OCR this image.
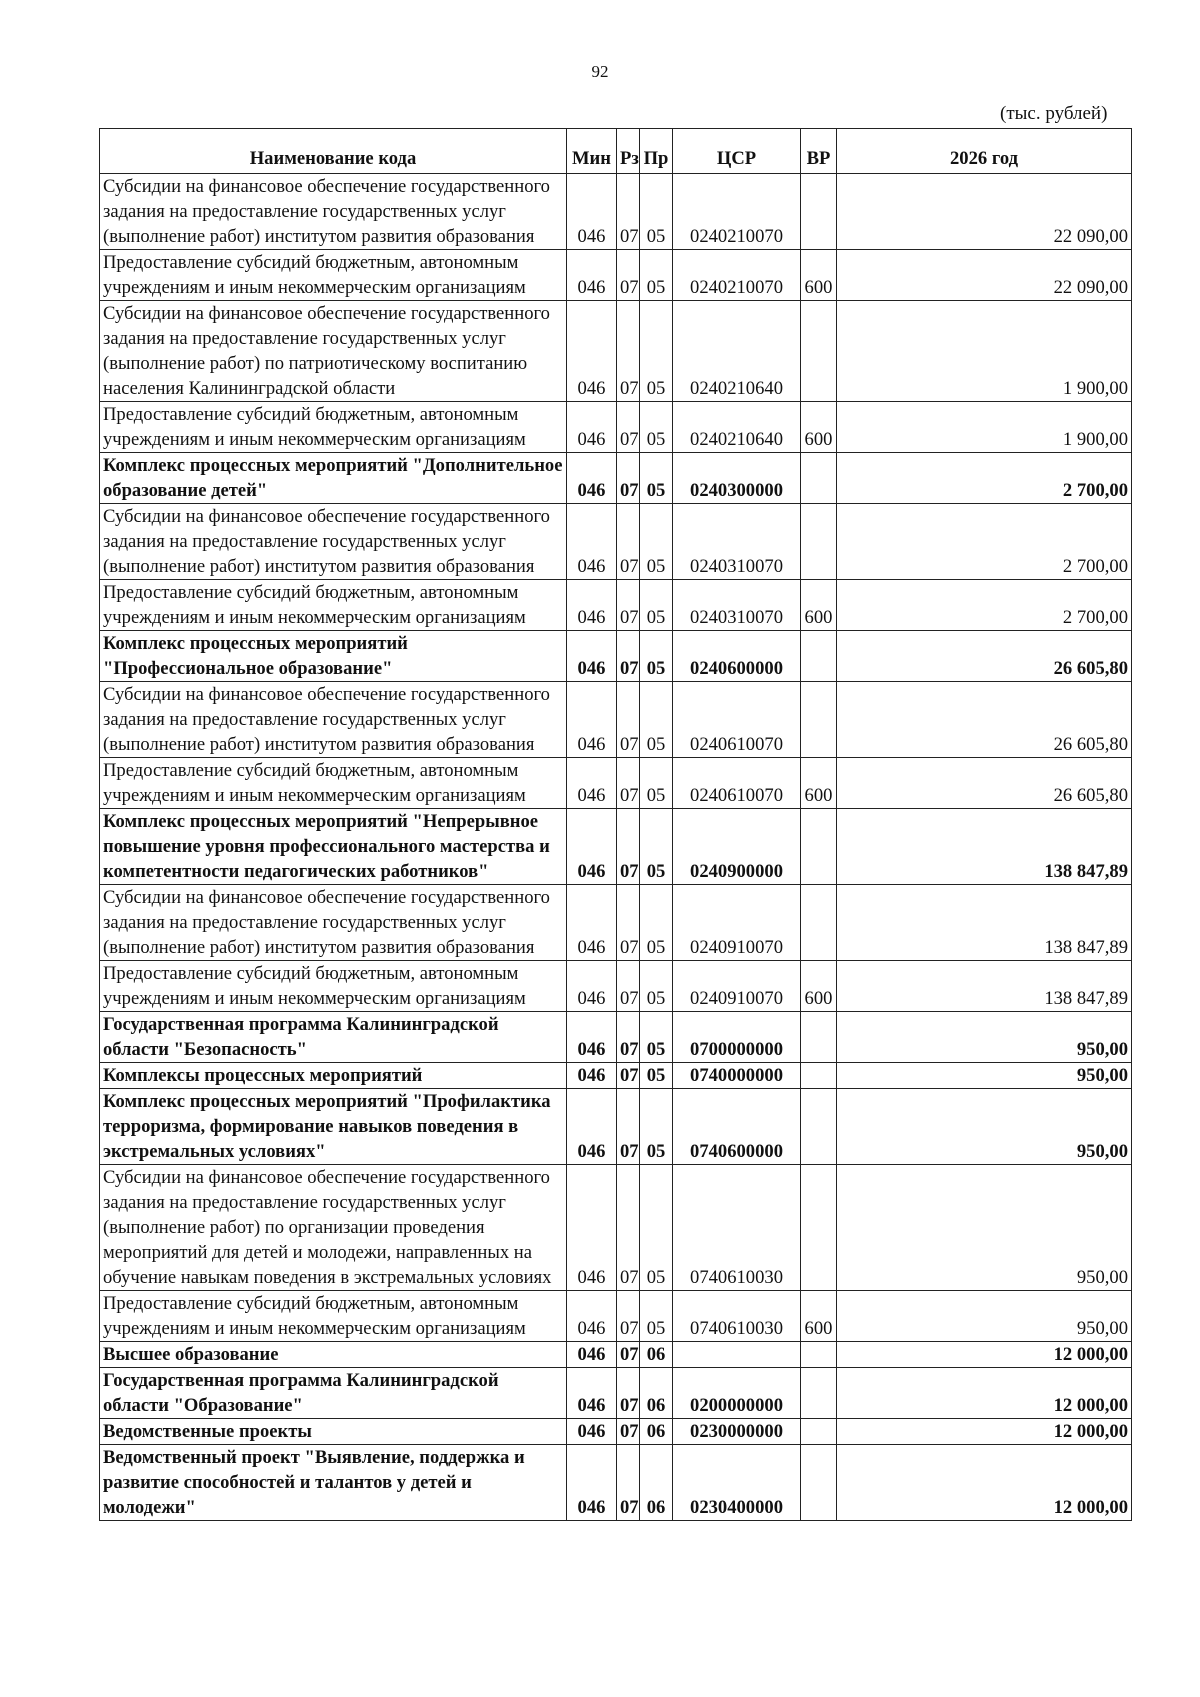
92
(тыс. рублей)
Наименование кода	Мин	Рз	Пр	ЦСР	ВР	2026 год
Субсидии на финансовое обеспечение государственного задания на предоставление государственных услуг (выполнение работ) институтом развития образования	046	07	05	0240210070		22 090,00
Предоставление субсидий бюджетным, автономным учреждениям и иным некоммерческим организациям	046	07	05	0240210070	600	22 090,00
Субсидии на финансовое обеспечение государственного задания на предоставление государственных услуг (выполнение работ) по патриотическому воспитанию населения Калининградской области	046	07	05	0240210640		1 900,00
Предоставление субсидий бюджетным, автономным учреждениям и иным некоммерческим организациям	046	07	05	0240210640	600	1 900,00
Комплекс процессных мероприятий "Дополнительное образование детей"	046	07	05	0240300000		2 700,00
Субсидии на финансовое обеспечение государственного задания на предоставление государственных услуг (выполнение работ) институтом развития образования	046	07	05	0240310070		2 700,00
Предоставление субсидий бюджетным, автономным учреждениям и иным некоммерческим организациям	046	07	05	0240310070	600	2 700,00
Комплекс процессных мероприятий "Профессиональное образование"	046	07	05	0240600000		26 605,80
Субсидии на финансовое обеспечение государственного задания на предоставление государственных услуг (выполнение работ) институтом развития образования	046	07	05	0240610070		26 605,80
Предоставление субсидий бюджетным, автономным учреждениям и иным некоммерческим организациям	046	07	05	0240610070	600	26 605,80
Комплекс процессных мероприятий "Непрерывное повышение уровня профессионального мастерства и компетентности педагогических работников"	046	07	05	0240900000		138 847,89
Субсидии на финансовое обеспечение государственного задания на предоставление государственных услуг (выполнение работ) институтом развития образования	046	07	05	0240910070		138 847,89
Предоставление субсидий бюджетным, автономным учреждениям и иным некоммерческим организациям	046	07	05	0240910070	600	138 847,89
Государственная программа Калининградской области "Безопасность"	046	07	05	0700000000		950,00
Комплексы процессных мероприятий	046	07	05	0740000000		950,00
Комплекс процессных мероприятий "Профилактика терроризма, формирование навыков поведения в экстремальных условиях"	046	07	05	0740600000		950,00
Субсидии на финансовое обеспечение государственного задания на предоставление государственных услуг (выполнение работ) по организации проведения мероприятий для детей и молодежи, направленных на обучение навыкам поведения в экстремальных условиях	046	07	05	0740610030		950,00
Предоставление субсидий бюджетным, автономным учреждениям и иным некоммерческим организациям	046	07	05	0740610030	600	950,00
Высшее образование	046	07	06			12 000,00
Государственная программа Калининградской области "Образование"	046	07	06	0200000000		12 000,00
Ведомственные проекты	046	07	06	0230000000		12 000,00
Ведомственный проект "Выявление, поддержка и развитие способностей и талантов у детей и молодежи"	046	07	06	0230400000		12 000,00
